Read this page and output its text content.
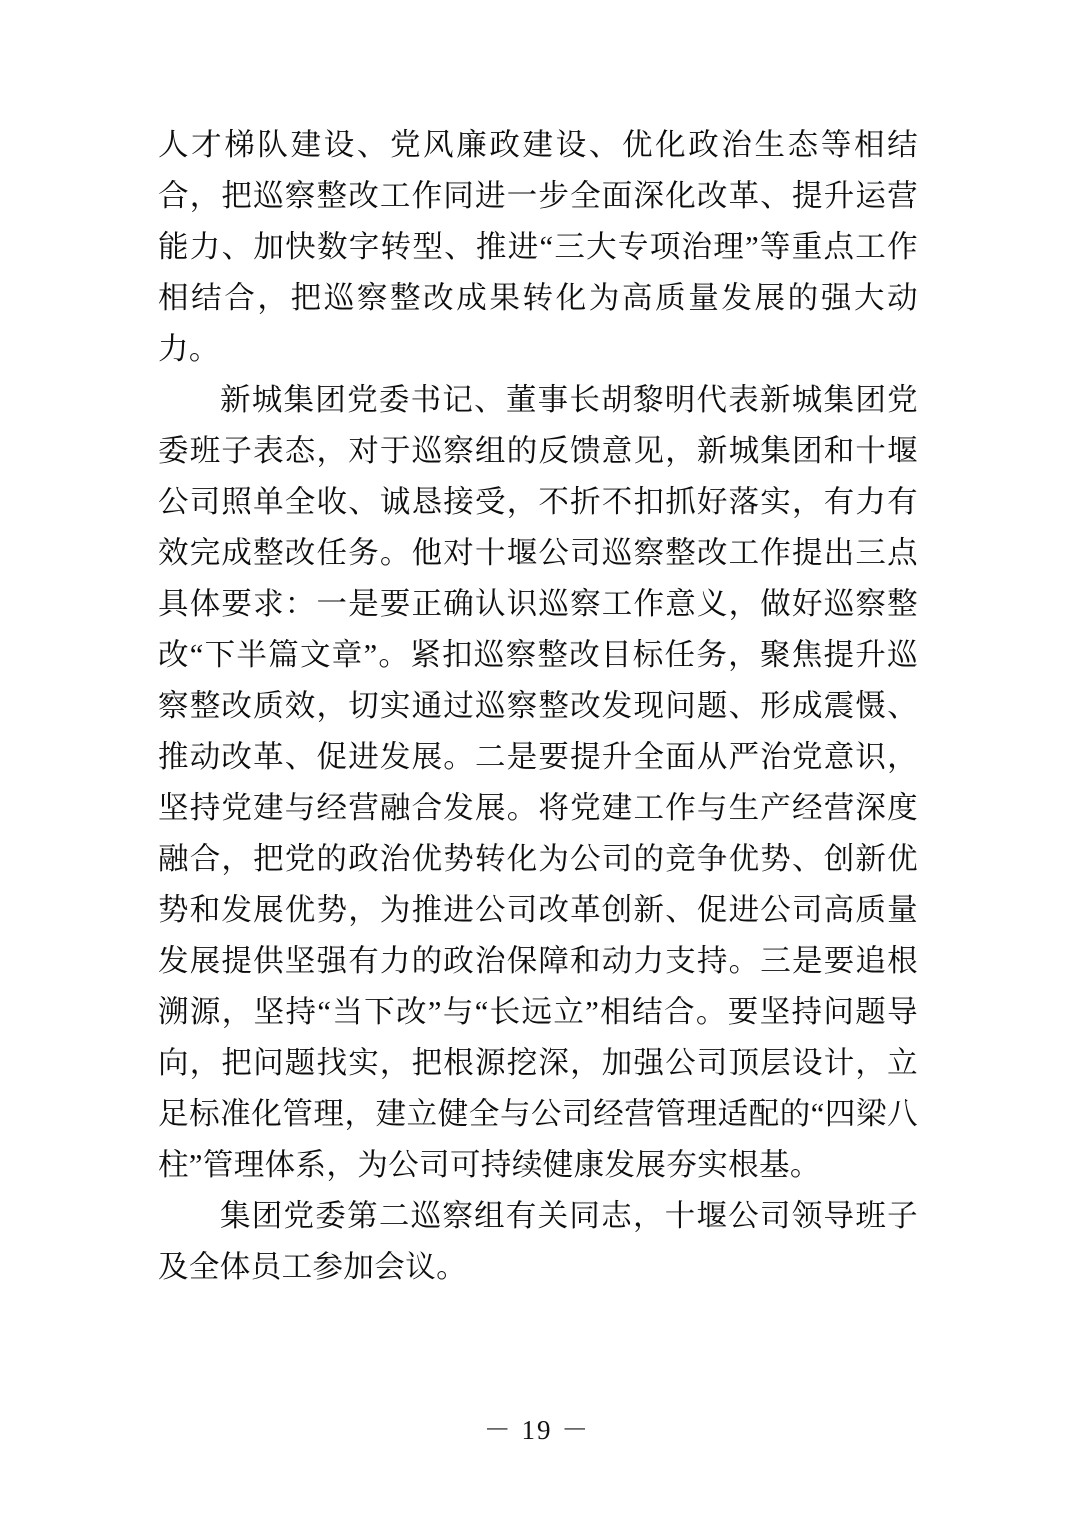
人才梯队建设、党风廉政建设、优化政治生态等相结合，把巡察整改工作同进一步全面深化改革、提升运营能力、加快数字转型、推进“三大专项治理”等重点工作相结合，把巡察整改成果转化为高质量发展的强大动力。

新城集团党委书记、董事长胡黎明代表新城集团党委班子表态，对于巡察组的反馈意见，新城集团和十堰公司照单全收、诚恳接受，不折不扣抓好落实，有力有效完成整改任务。他对十堰公司巡察整改工作提出三点具体要求：一是要正确认识巡察工作意义，做好巡察整改“下半篇文章”。紧扣巡察整改目标任务，聚焦提升巡察整改质效，切实通过巡察整改发现问题、形成震慑、推动改革、促进发展。二是要提升全面从严治党意识，坚持党建与经营融合发展。将党建工作与生产经营深度融合，把党的政治优势转化为公司的竞争优势、创新优势和发展优势，为推进公司改革创新、促进公司高质量发展提供坚强有力的政治保障和动力支持。三是要追根溯源，坚持“当下改”与“长远立”相结合。要坚持问题导向，把问题找实，把根源挖深，加强公司顶层设计，立足标准化管理，建立健全与公司经营管理适配的“四梁八柱”管理体系，为公司可持续健康发展夯实根基。

集团党委第二巡察组有关同志，十堰公司领导班子及全体员工参加会议。

－ 19 －
